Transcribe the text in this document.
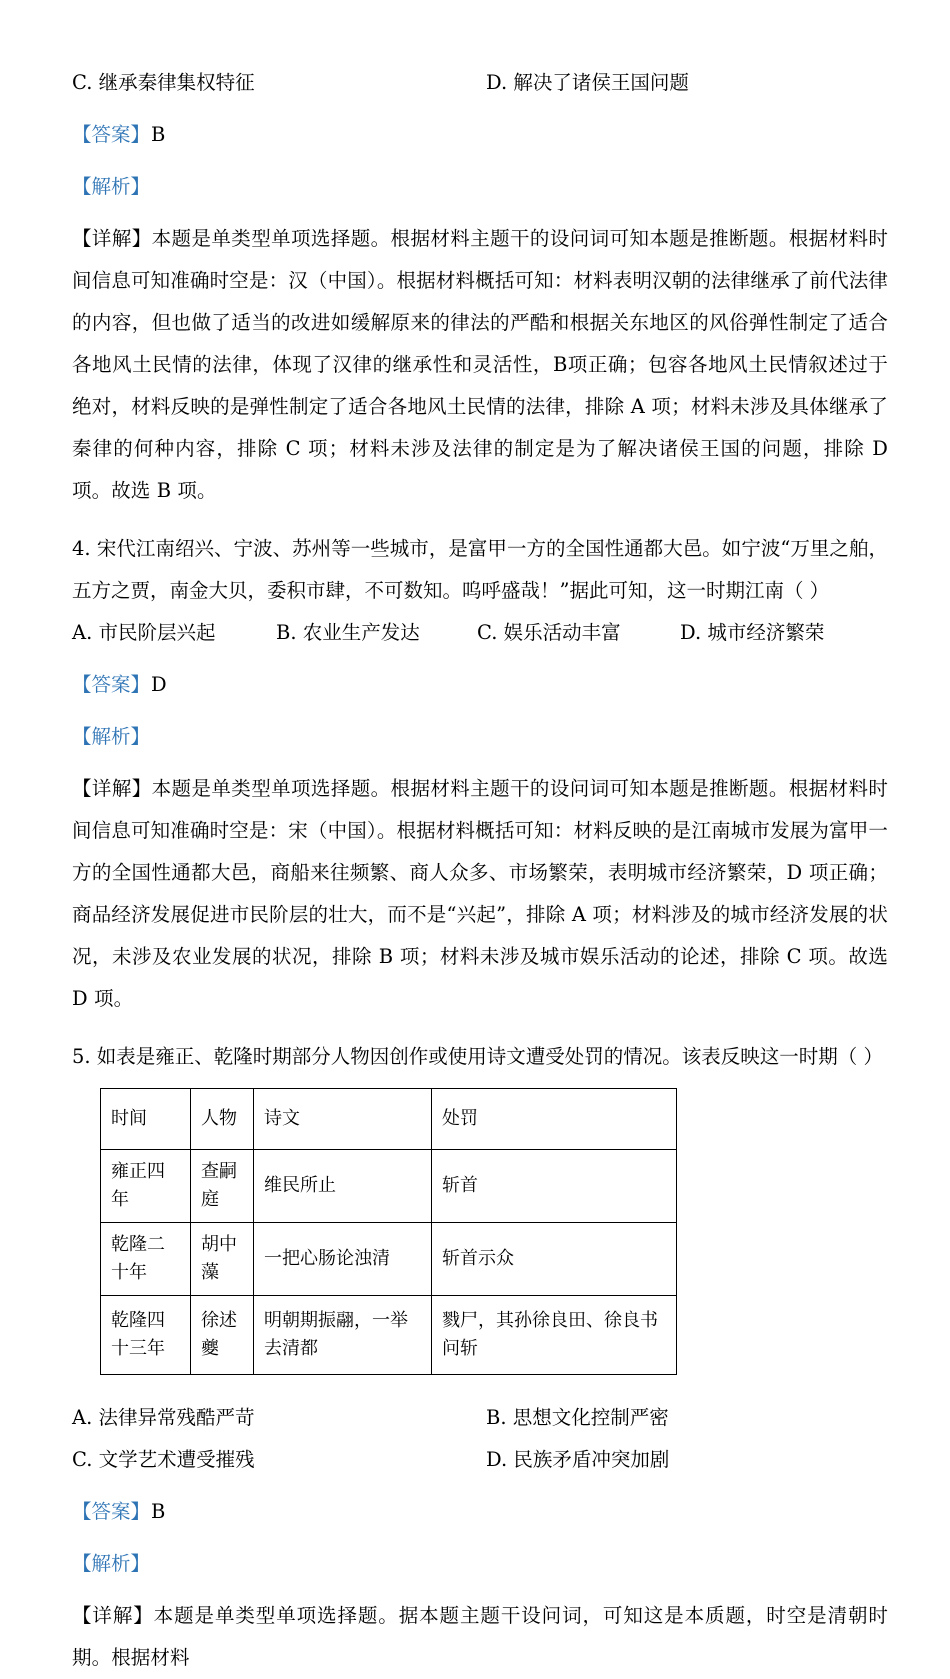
C. 继承秦律集权特征	D. 解决了诸侯王国问题
【答案】B
【解析】

【详解】本题是单类型单项选择题。根据材料主题干的设问词可知本题是推断题。根据材料时间信息可知准确时空是：汉（中国）。根据材料概括可知：材料表明汉朝的法律继承了前代法律的内容，但也做了适当的改进如缓解原来的律法的严酷和根据关东地区的风俗弹性制定了适合各地风土民情的法律，体现了汉律的继承性和灵活性，B项正确；包容各地风土民情叙述过于绝对，材料反映的是弹性制定了适合各地风土民情的法律，排除 A 项；材料未涉及具体继承了秦律的何种内容，排除 C 项；材料未涉及法律的制定是为了解决诸侯王国的问题，排除 D 项。故选 B 项。

4. 宋代江南绍兴、宁波、苏州等一些城市，是富甲一方的全国性通都大邑。如宁波“万里之舶，五方之贾，南金大贝，委积市肆，不可数知。呜呼盛哉！”据此可知，这一时期江南（ ）

A. 市民阶层兴起	B. 农业生产发达	C. 娱乐活动丰富	D. 城市经济繁荣
【答案】D
【解析】

【详解】本题是单类型单项选择题。根据材料主题干的设问词可知本题是推断题。根据材料时间信息可知准确时空是：宋（中国）。根据材料概括可知：材料反映的是江南城市发展为富甲一方的全国性通都大邑，商船来往频繁、商人众多、市场繁荣，表明城市经济繁荣，D 项正确；商品经济发展促进市民阶层的壮大，而不是“兴起”，排除 A 项；材料涉及的城市经济发展的状况，未涉及农业发展的状况，排除 B 项；材料未涉及城市娱乐活动的论述，排除 C 项。故选 D 项。

5. 如表是雍正、乾隆时期部分人物因创作或使用诗文遭受处罚的情况。该表反映这一时期（ ）

时间	人物	诗文	处罚
雍正四年	查嗣庭	维民所止	斩首
乾隆二十年	胡中藻	一把心肠论浊清	斩首示众
乾隆四十三年	徐述夔	明朝期振翮，一举去清都	戮尸，其孙徐良田、徐良书问斩
A. 法律异常残酷严苛	B. 思想文化控制严密
C. 文学艺术遭受摧残	D. 民族矛盾冲突加剧
【答案】B
【解析】

【详解】本题是单类型单项选择题。据本题主题干设问词，可知这是本质题，时空是清朝时期。根据材料
